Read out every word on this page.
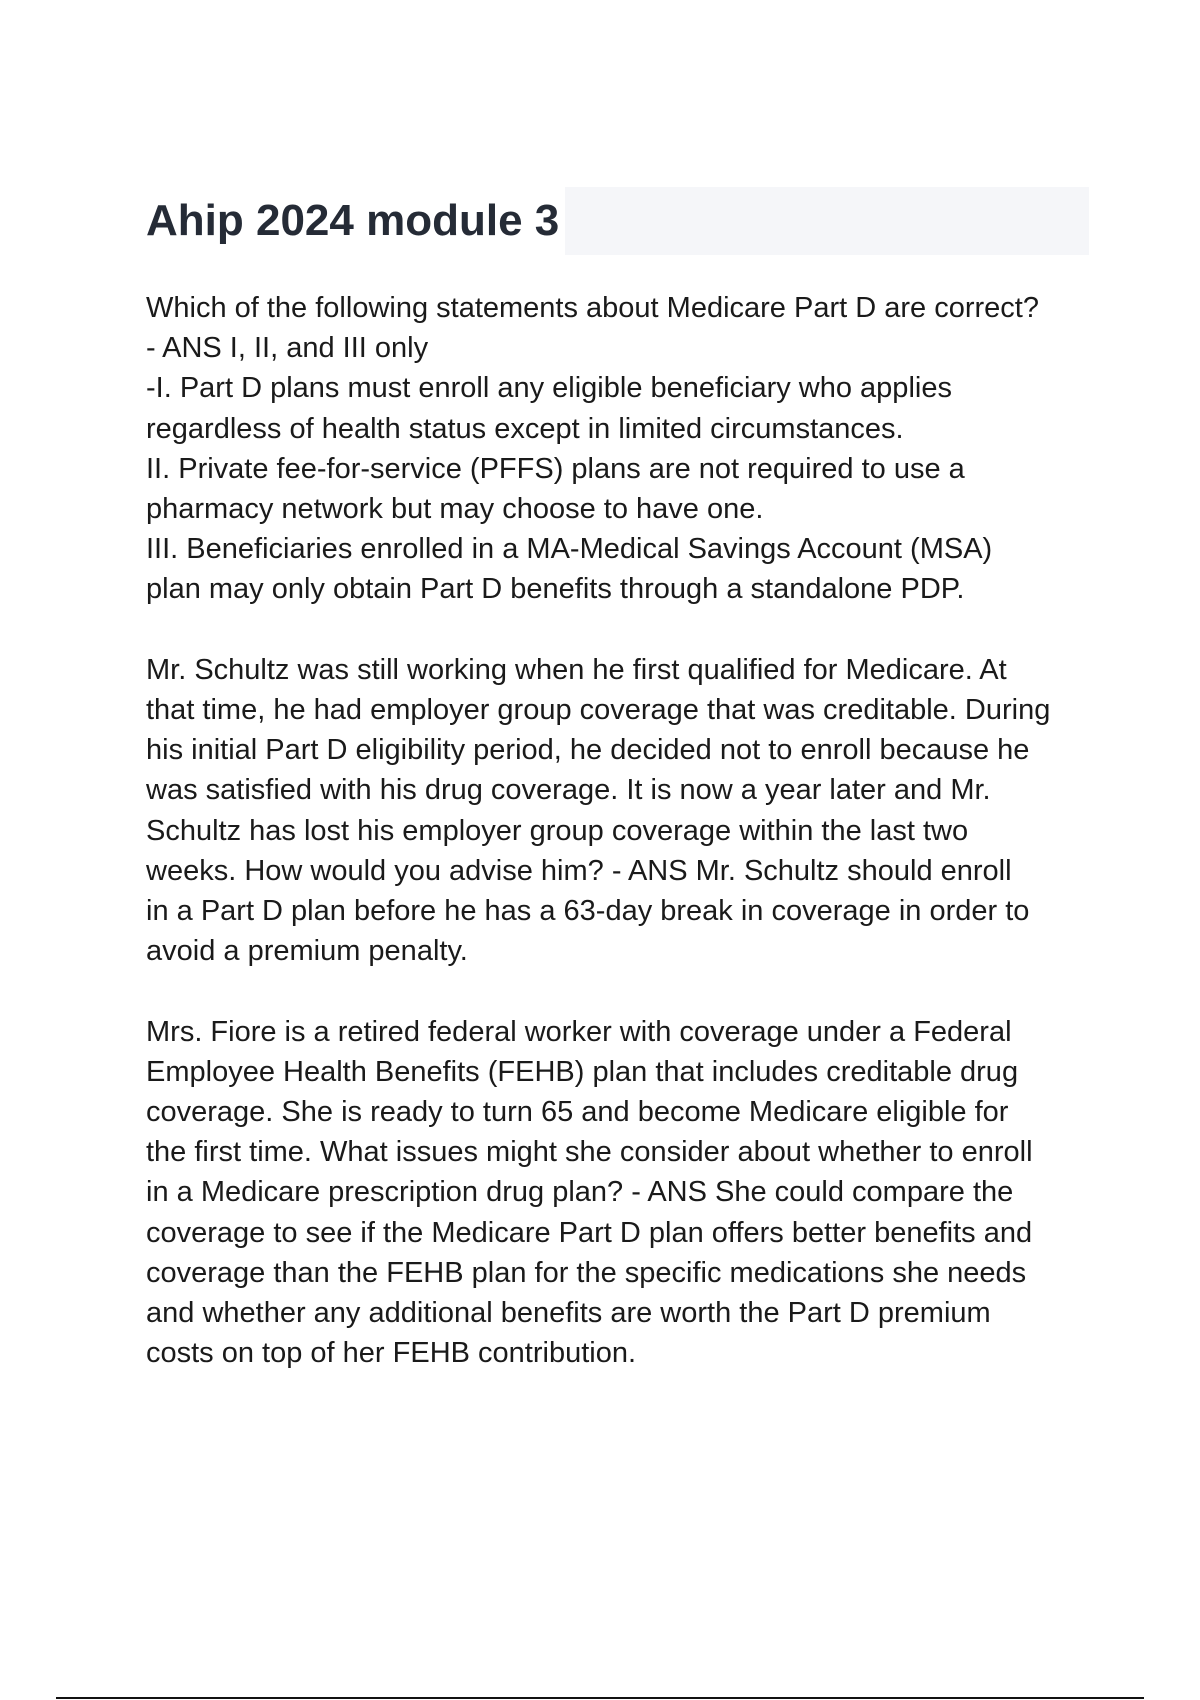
Ahip 2024 module 3
Which of the following statements about Medicare Part D are correct?
- ANS I, II, and III only
-I. Part D plans must enroll any eligible beneficiary who applies
regardless of health status except in limited circumstances.
II. Private fee-for-service (PFFS) plans are not required to use a
pharmacy network but may choose to have one.
III. Beneficiaries enrolled in a MA-Medical Savings Account (MSA)
plan may only obtain Part D benefits through a standalone PDP.
Mr. Schultz was still working when he first qualified for Medicare. At
that time, he had employer group coverage that was creditable. During
his initial Part D eligibility period, he decided not to enroll because he
was satisfied with his drug coverage. It is now a year later and Mr.
Schultz has lost his employer group coverage within the last two
weeks. How would you advise him? - ANS Mr. Schultz should enroll
in a Part D plan before he has a 63-day break in coverage in order to
avoid a premium penalty.
Mrs. Fiore is a retired federal worker with coverage under a Federal
Employee Health Benefits (FEHB) plan that includes creditable drug
coverage. She is ready to turn 65 and become Medicare eligible for
the first time. What issues might she consider about whether to enroll
in a Medicare prescription drug plan? - ANS She could compare the
coverage to see if the Medicare Part D plan offers better benefits and
coverage than the FEHB plan for the specific medications she needs
and whether any additional benefits are worth the Part D premium
costs on top of her FEHB contribution.
